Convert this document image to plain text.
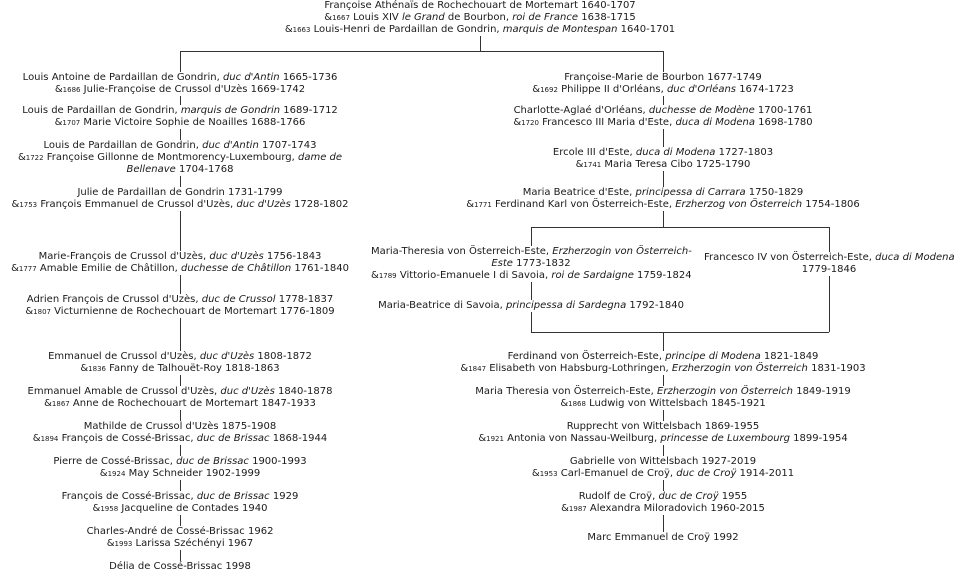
Françoise Athénaïs de Rochechouart de Mortemart 1640-1707
&1667 Louis XIV le Grand de Bourbon, roi de France 1638-1715
&1663 Louis-Henri de Pardaillan de Gondrin, marquis de Montespan 1640-1701
Louis Antoine de Pardaillan de Gondrin, duc d'Antin 1665-1736
&1686 Julie-Françoise de Crussol d'Uzès 1669-1742
Louis de Pardaillan de Gondrin, marquis de Gondrin 1689-1712
&1707 Marie Victoire Sophie de Noailles 1688-1766
Louis de Pardaillan de Gondrin, duc d'Antin 1707-1743
&1722 Françoise Gillonne de Montmorency-Luxembourg, dame de
Bellenave 1704-1768
Julie de Pardaillan de Gondrin 1731-1799
&1753 François Emmanuel de Crussol d'Uzès, duc d'Uzès 1728-1802
Marie-François de Crussol d'Uzès, duc d'Uzès 1756-1843
&1777 Amable Emilie de Châtillon, duchesse de Châtillon 1761-1840
Adrien François de Crussol d'Uzès, duc de Crussol 1778-1837
&1807 Victurnienne de Rochechouart de Mortemart 1776-1809
Emmanuel de Crussol d'Uzès, duc d'Uzès 1808-1872
&1836 Fanny de Talhouët-Roy 1818-1863
Emmanuel Amable de Crussol d'Uzès, duc d'Uzès 1840-1878
&1867 Anne de Rochechouart de Mortemart 1847-1933
Mathilde de Crussol d'Uzès 1875-1908
&1894 François de Cossé-Brissac, duc de Brissac 1868-1944
Pierre de Cossé-Brissac, duc de Brissac 1900-1993
&1924 May Schneider 1902-1999
François de Cossé-Brissac, duc de Brissac 1929
&1958 Jacqueline de Contades 1940
Charles-André de Cossé-Brissac 1962
&1993 Larissa Széchényi 1967
Délia de Cossé-Brissac 1998
Françoise-Marie de Bourbon 1677-1749
&1692 Philippe II d'Orléans, duc d'Orléans 1674-1723
Charlotte-Aglaé d'Orléans, duchesse de Modène 1700-1761
&1720 Francesco III Maria d'Este, duca di Modena 1698-1780
Ercole III d'Este, duca di Modena 1727-1803
&1741 Maria Teresa Cibo 1725-1790
Maria Beatrice d'Este, principessa di Carrara 1750-1829
&1771 Ferdinand Karl von Österreich-Este, Erzherzog von Österreich 1754-1806
Maria-Theresia von Österreich-Este, Erzherzogin von Österreich-
Este 1773-1832
&1789 Vittorio-Emanuele I di Savoia, roi de Sardaigne 1759-1824
Maria-Beatrice di Savoia, principessa di Sardegna 1792-1840
Francesco IV von Österreich-Este, duca di Modena
1779-1846
Ferdinand von Österreich-Este, principe di Modena 1821-1849
&1847 Elisabeth von Habsburg-Lothringen, Erzherzogin von Österreich 1831-1903
Maria Theresia von Österreich-Este, Erzherzogin von Österreich 1849-1919
&1868 Ludwig von Wittelsbach 1845-1921
Rupprecht von Wittelsbach 1869-1955
&1921 Antonia von Nassau-Weilburg, princesse de Luxembourg 1899-1954
Gabrielle von Wittelsbach 1927-2019
&1953 Carl-Emanuel de Croÿ, duc de Croÿ 1914-2011
Rudolf de Croÿ, duc de Croÿ 1955
&1987 Alexandra Miloradovich 1960-2015
Marc Emmanuel de Croÿ 1992
